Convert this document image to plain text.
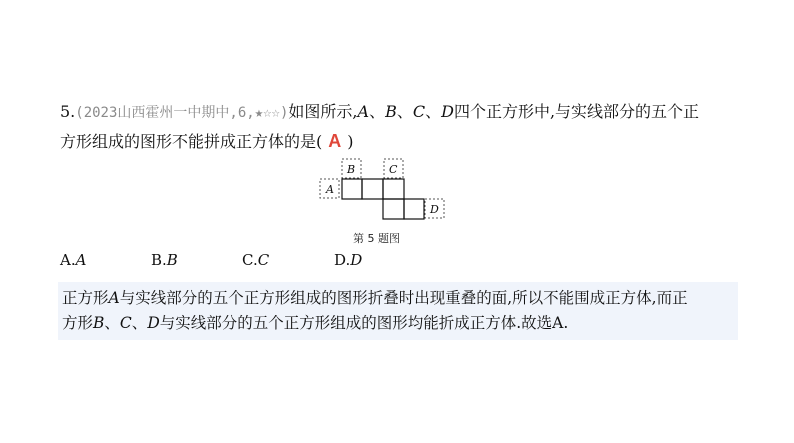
5.(2023山西霍州一中期中,6,★☆☆)如图所示,A、B、C、D四个正方形中,与实线部分的五个正
方形组成的图形不能拼成正方体的是( A )
A
B	C
D
第 5 题图
A.A	B.B	C.C	D.D
正方形A与实线部分的五个正方形组成的图形折叠时出现重叠的面,所以不能围成正方体,而正
方形B、C、D与实线部分的五个正方形组成的图形均能折成正方体.故选A.
